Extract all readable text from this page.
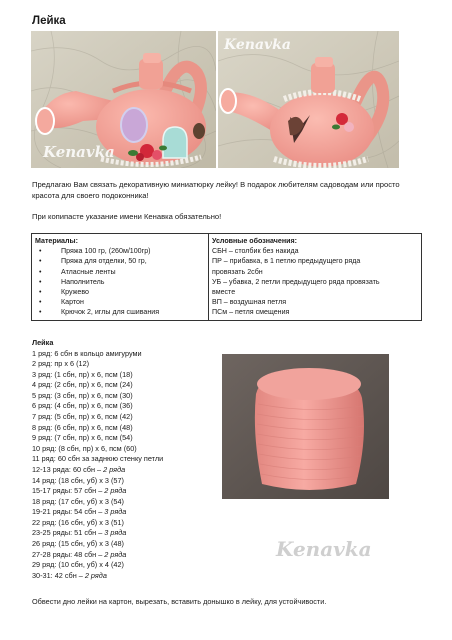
Лейка
Kenavka
Kenavka
Предлагаю Вам связать декоративную миниатюрку лейку! В подарок любителям садоводам или просто красота для своего подоконника!
При копипасте указание имени Кенавка обязательно!
Материалы:
• Пряжа 100 гр, (260м/100гр)
• Пряжа для отделки, 50 гр,
• Атласные ленты
• Наполнитель
• Кружево
• Картон
• Крючок 2, иглы для сшивания

Условные обозначения:
СБН – столбик без накида
ПР – прибавка, в 1 петлю предыдущего ряда
провязать 2сбн
УБ – убавка, 2 петли предыдущего ряда провязать
вместе
ВП – воздушная петля
ПСм – петля смещения
Лейка
1 ряд: 6 сбн в кольцо амигуруми
2 ряд: пр х 6 (12)
3 ряд: (1 сбн, пр) х 6, псм (18)
4 ряд: (2 сбн, пр) х 6, псм (24)
5 ряд: (3 сбн, пр) х 6, псм (30)
6 ряд: (4 сбн, пр) х 6, псм (36)
7 ряд: (5 сбн, пр) х 6, псм (42)
8 ряд: (6 сбн, пр) х 6, псм (48)
9 ряд: (7 сбн, пр) х 6, псм (54)
10 ряд: (8 сбн, пр) х 6, псм (60)
11 ряд: 60 сбн за заднюю стенку петли
12-13 ряда: 60 сбн – 2 ряда
14 ряд: (18 сбн, уб) х 3 (57)
15-17 ряды: 57 сбн – 2 ряда
18 ряд: (17 сбн, уб) х 3 (54)
19-21 ряды: 54 сбн – 3 ряда
22 ряд: (16 сбн, уб) х 3 (51)
23-25 ряды: 51 сбн – 3 ряда
26 ряд: (15 сбн, уб) х 3 (48)
27-28 ряды: 48 сбн – 2 ряда
29 ряд: (10 сбн, уб) х 4 (42)
30-31: 42 сбн – 2 ряда
Обвести дно лейки на картон, вырезать, вставить донышко в лейку, для устойчивости.
Kenavka
